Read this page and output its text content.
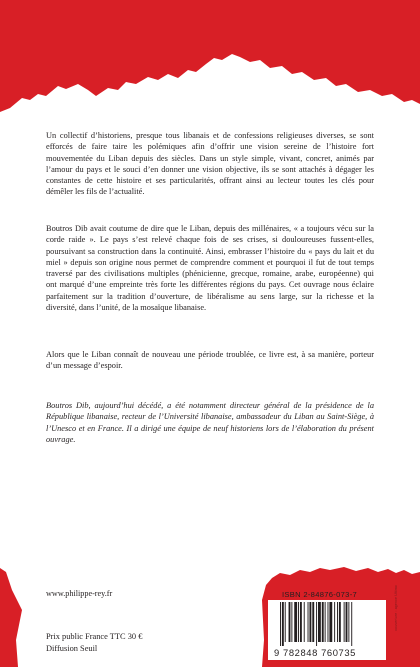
Un collectif d’historiens, presque tous libanais et de confessions religieuses diverses, se sont efforcés de faire taire les polémiques afin d’offrir une vision sereine de l’histoire fort mouvementée du Liban depuis des siècles. Dans un style simple, vivant, concret, animés par l’amour du pays et le souci d’en donner une vision objective, ils se sont attachés à dégager les constantes de cette histoire et ses particularités, offrant ainsi au lecteur toutes les clés pour démêler les fils de l’actualité.

Boutros Dib avait coutume de dire que le Liban, depuis des millénaires, « a toujours vécu sur la corde raide ». Le pays s’est relevé chaque fois de ses crises, si douloureuses fussent-elles, poursuivant sa construction dans la continuité. Ainsi, embrasser l’histoire du « pays du lait et du miel » depuis son origine nous permet de comprendre comment et pourquoi il fut de tout temps traversé par des civilisations multiples (phénicienne, grecque, romaine, arabe, européenne) qui ont marqué d’une empreinte très forte les différentes régions du pays. Cet ouvrage nous éclaire parfaitement sur la tradition d’ouverture, de libéralisme au sens large, sur la richesse et la diversité, dans l’unité, de la mosaïque libanaise.

Alors que le Liban connaît de nouveau une période troublée, ce livre est, à sa manière, porteur d’un message d’espoir.

Boutros Dib, aujourd’hui décédé, a été notamment directeur général de la présidence de la République libanaise, recteur de l’Université libanaise, ambassadeur du Liban au Saint-Siège, à l’Unesco et en France. Il a dirigé une équipe de neuf historiens lors de l’élaboration du présent ouvrage.

www.philippe-rey.fr
Prix public France TTC 30 €
Diffusion Seuil
ISBN 2-84876-073-7
9 782848 760735
couverture : agence Ultimo
